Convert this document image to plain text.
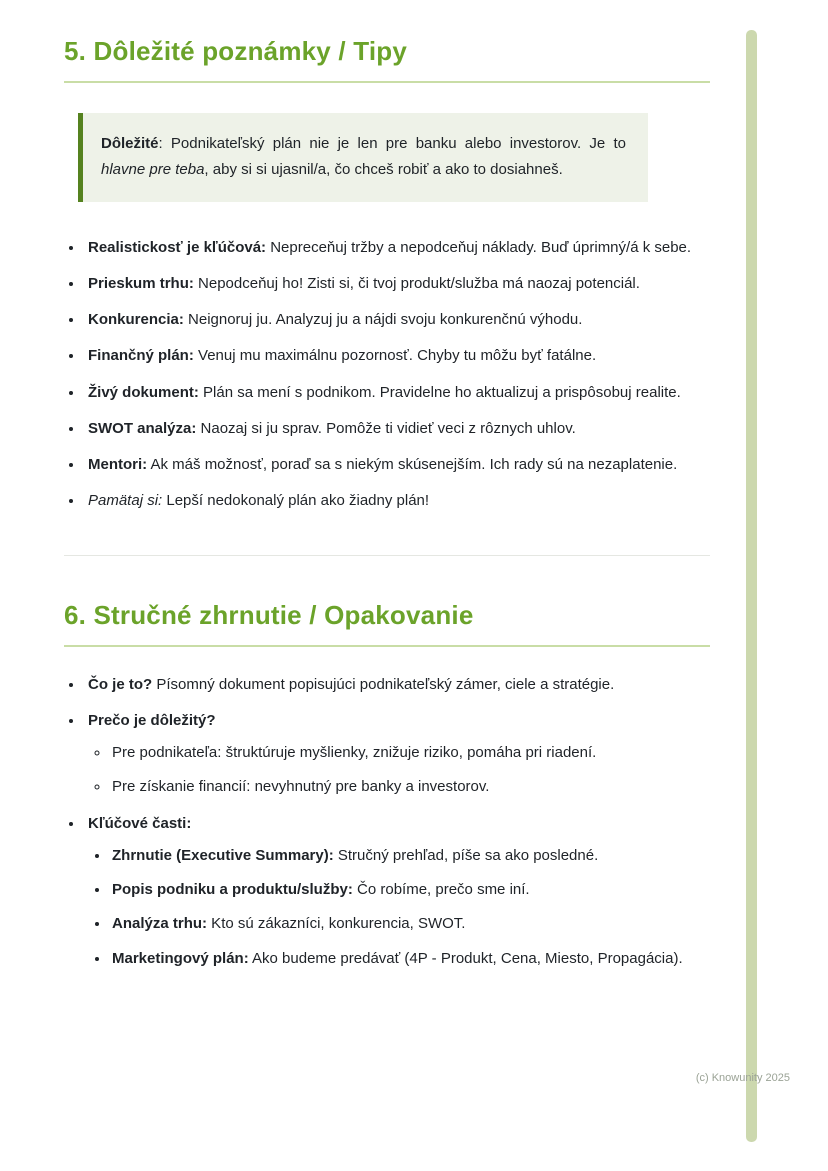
5. Dôležité poznámky / Tipy

Dôležité: Podnikateľský plán nie je len pre banku alebo investorov. Je to hlavne pre teba, aby si si ujasnil/a, čo chceš robiť a ako to dosiahneš.

• Realistickosť je kľúčová: Nepreceňuj tržby a nepodceňuj náklady. Buď úprimný/á k sebe.
• Prieskum trhu: Nepodceňuj ho! Zisti si, či tvoj produkt/služba má naozaj potenciál.
• Konkurencia: Neignoruj ju. Analyzuj ju a nájdi svoju konkurenčnú výhodu.
• Finančný plán: Venuj mu maximálnu pozornosť. Chyby tu môžu byť fatálne.
• Živý dokument: Plán sa mení s podnikom. Pravidelne ho aktualizuj a prispôsobuj realite.
• SWOT analýza: Naozaj si ju sprav. Pomôže ti vidieť veci z rôznych uhlov.
• Mentori: Ak máš možnosť, poraď sa s niekým skúsenejším. Ich rady sú na nezaplatenie.
• Pamätaj si: Lepší nedokonalý plán ako žiadny plán!
6. Stručné zhrnutie / Opakovanie
• Čo je to? Písomný dokument popisujúci podnikateľský zámer, ciele a stratégie.
• Prečo je dôležitý?
◦ Pre podnikateľa: štruktúruje myšlienky, znižuje riziko, pomáha pri riadení.
◦ Pre získanie financií: nevyhnutný pre banky a investorov.
• Kľúčové časti:
• Zhrnutie (Executive Summary): Stručný prehľad, píše sa ako posledné.
• Popis podniku a produktu/služby: Čo robíme, prečo sme iní.
• Analýza trhu: Kto sú zákazníci, konkurencia, SWOT.
• Marketingový plán: Ako budeme predávať (4P - Produkt, Cena, Miesto, Propagácia).
(c) Knowunity 2025
